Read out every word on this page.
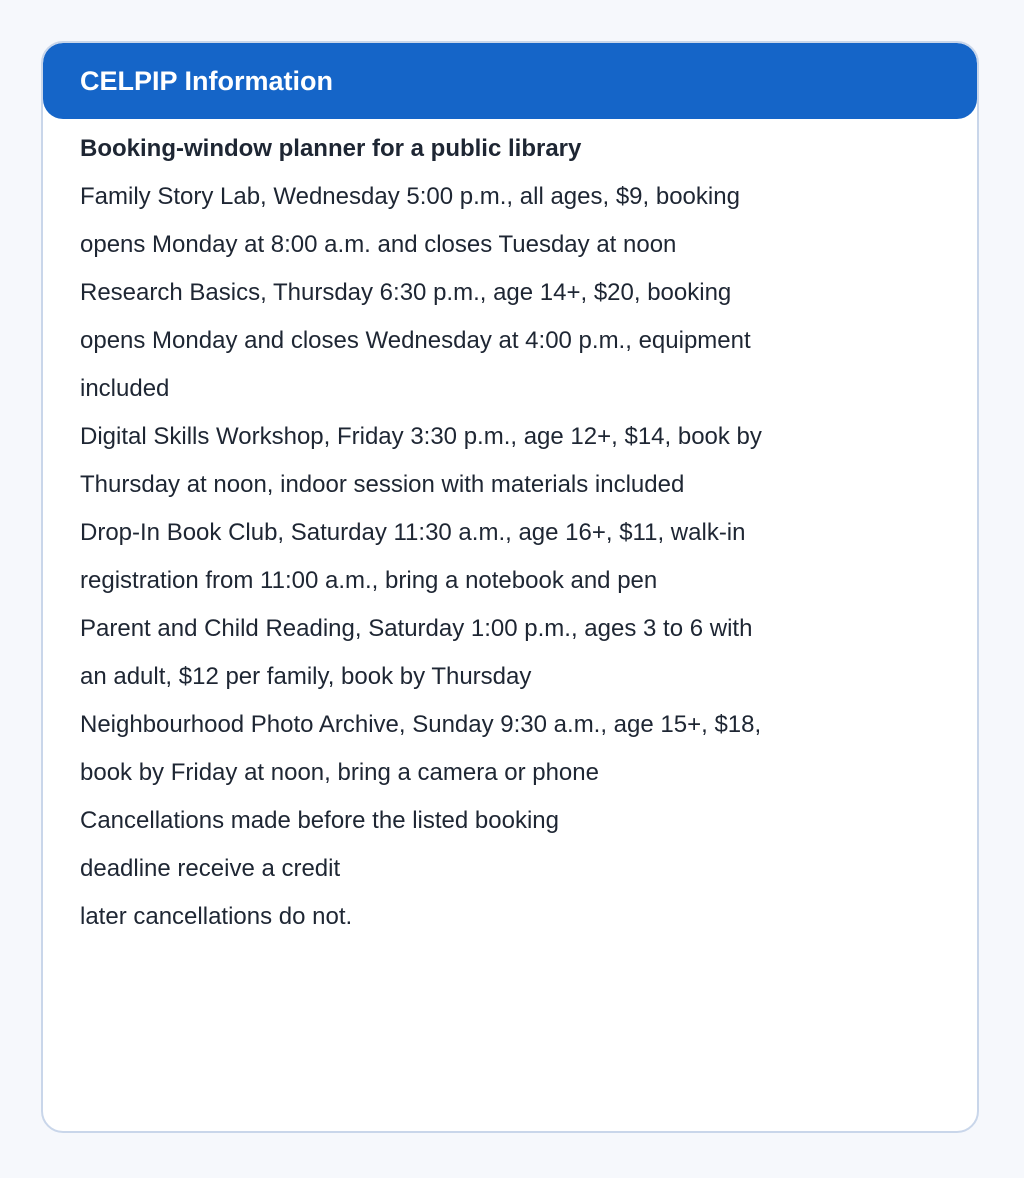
CELPIP Information
Booking-window planner for a public library
Family Story Lab, Wednesday 5:00 p.m., all ages, $9, booking opens Monday at 8:00 a.m. and closes Tuesday at noon
Research Basics, Thursday 6:30 p.m., age 14+, $20, booking opens Monday and closes Wednesday at 4:00 p.m., equipment included
Digital Skills Workshop, Friday 3:30 p.m., age 12+, $14, book by Thursday at noon, indoor session with materials included
Drop-In Book Club, Saturday 11:30 a.m., age 16+, $11, walk-in registration from 11:00 a.m., bring a notebook and pen
Parent and Child Reading, Saturday 1:00 p.m., ages 3 to 6 with an adult, $12 per family, book by Thursday
Neighbourhood Photo Archive, Sunday 9:30 a.m., age 15+, $18, book by Friday at noon, bring a camera or phone
Cancellations made before the listed booking
deadline receive a credit
later cancellations do not.
